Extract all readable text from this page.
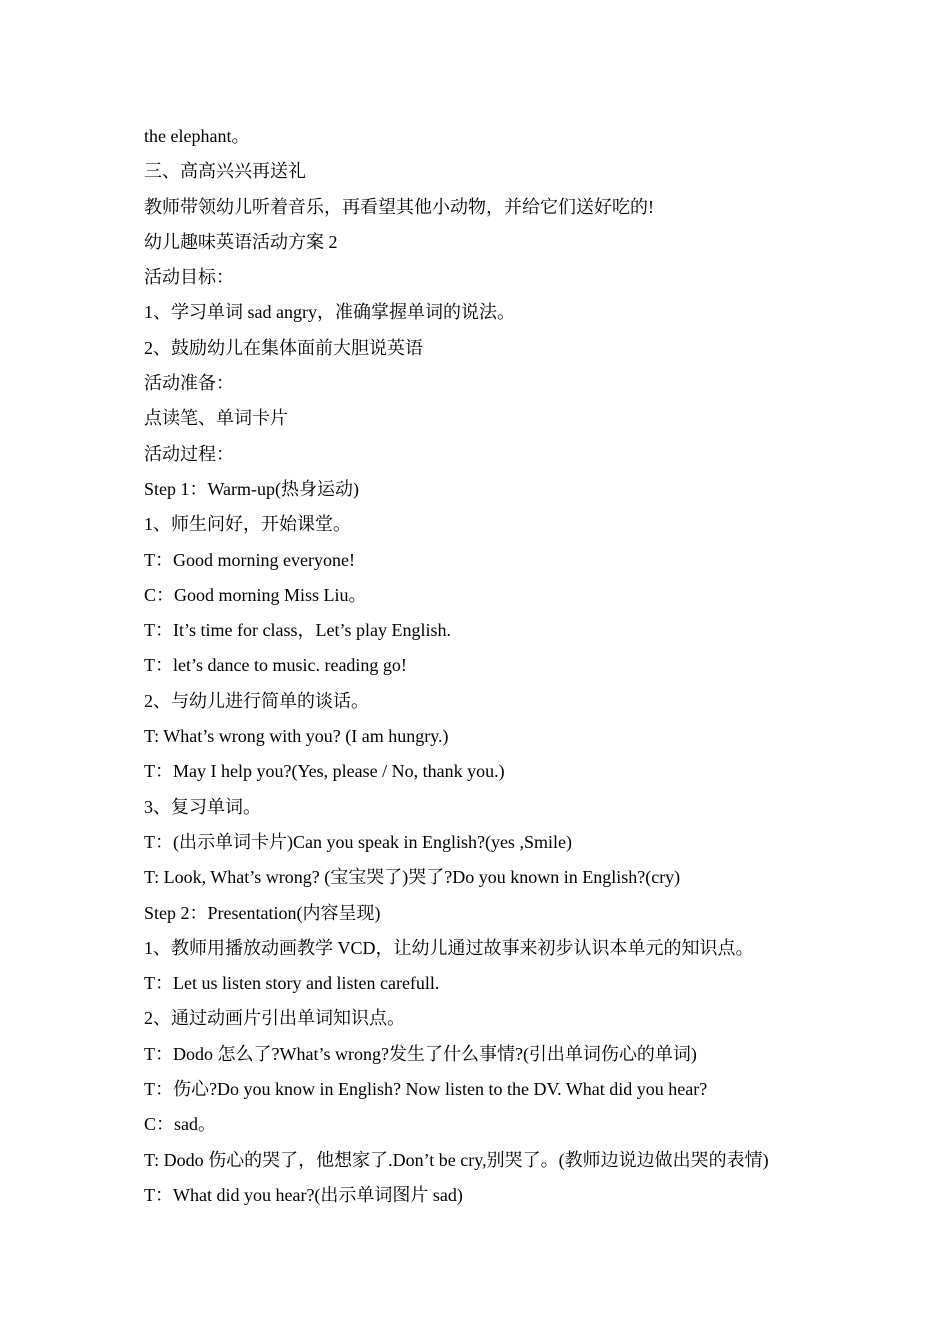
the elephant。
三、高高兴兴再送礼
教师带领幼儿听着音乐，再看望其他小动物，并给它们送好吃的!
幼儿趣味英语活动方案 2
活动目标：
1、学习单词 sad angry，准确掌握单词的说法。
2、鼓励幼儿在集体面前大胆说英语
活动准备：
点读笔、单词卡片
活动过程：
Step 1：Warm-up(热身运动)
1、师生问好，开始课堂。
T：Good morning everyone!
C：Good morning Miss Liu。
T：It’s time for class，Let’s play English.
T：let’s dance to music. reading go!
2、与幼儿进行简单的谈话。
T: What’s wrong with you? (I am hungry.)
T：May I help you?(Yes, please / No, thank you.)
3、复习单词。
T：(出示单词卡片)Can you speak in English?(yes ,Smile)
T: Look, What’s wrong? (宝宝哭了)哭了?Do you known in English?(cry)
Step 2：Presentation(内容呈现)
1、教师用播放动画教学 VCD，让幼儿通过故事来初步认识本单元的知识点。
T：Let us listen story and listen carefull.
2、通过动画片引出单词知识点。
T：Dodo 怎么了?What’s wrong?发生了什么事情?(引出单词伤心的单词)
T：伤心?Do you know in English? Now listen to the DV. What did you hear?
C：sad。
T: Dodo 伤心的哭了，他想家了.Don’t be cry,别哭了。(教师边说边做出哭的表情)
T：What did you hear?(出示单词图片 sad)
